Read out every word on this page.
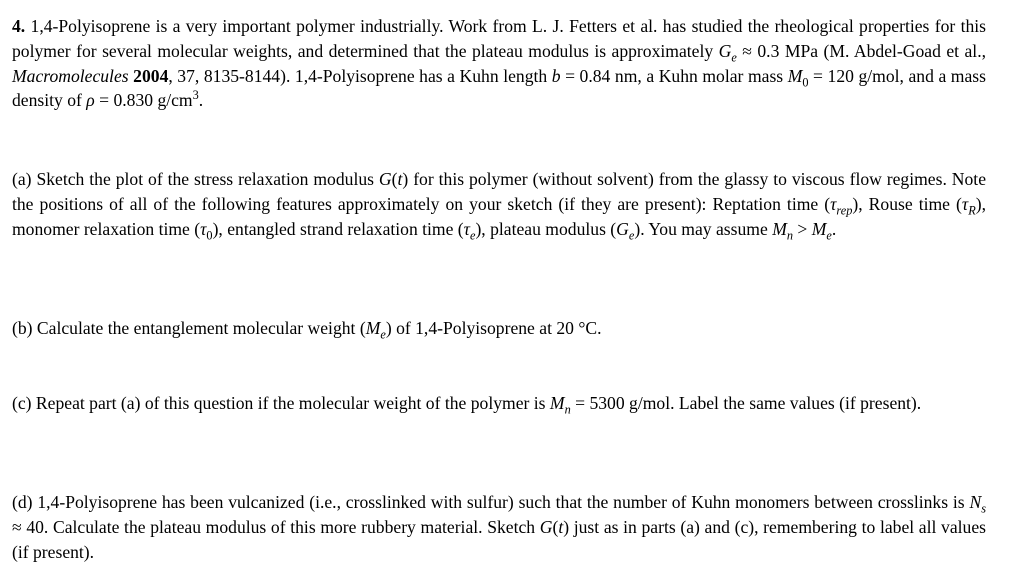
4. 1,4-Polyisoprene is a very important polymer industrially. Work from L. J. Fetters et al. has studied the rheological properties for this polymer for several molecular weights, and determined that the plateau modulus is approximately $G_e \approx 0.3$ MPa (M. Abdel-Goad et al., Macromolecules 2004, 37, 8135-8144). 1,4-Polyisoprene has a Kuhn length b = 0.84 nm, a Kuhn molar mass $M_0 = 120$ g/mol, and a mass density of ρ = 0.830 $g/cm^3$.

(a) Sketch the plot of the stress relaxation modulus G(t) for this polymer (without solvent) from the glassy to viscous flow regimes. Note the positions of all of the following features approximately on your sketch (if they are present): Reptation time $(\tau_{rep})$, Rouse time $(\tau_R)$, monomer relaxation time $(\tau_0)$, entangled strand relaxation time $(\tau_e)$, plateau modulus $(G_e)$. You may assume $M_n > M_e$.

(b) Calculate the entanglement molecular weight $(M_e)$ of 1,4-Polyisoprene at 20 °C.

(c) Repeat part (a) of this question if the molecular weight of the polymer is $M_n = 5300$ g/mol. Label the same values (if present).

(d) 1,4-Polyisoprene has been vulcanized (i.e., crosslinked with sulfur) such that the number of Kuhn monomers between crosslinks is $N_s \approx 40$. Calculate the plateau modulus of this more rubbery material. Sketch G(t) just as in parts (a) and (c), remembering to label all values (if present).
